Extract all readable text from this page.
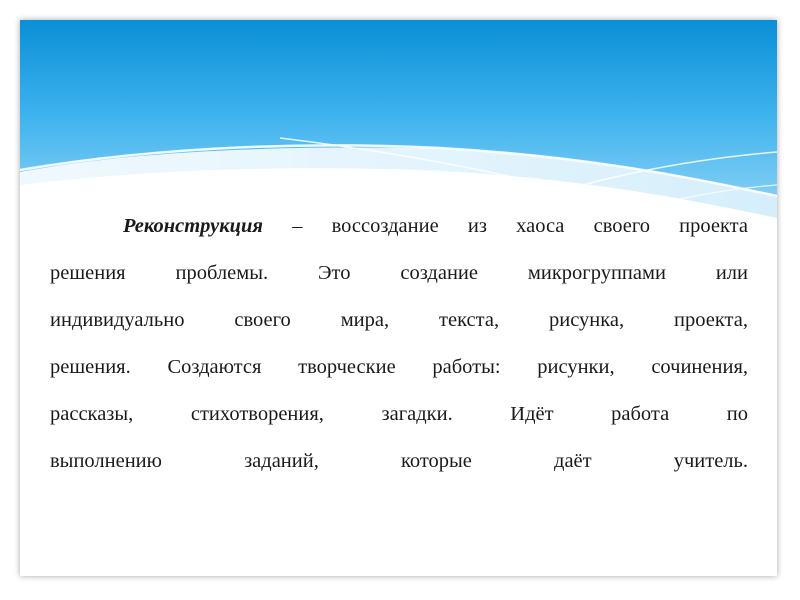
Реконструкция – воссоздание из хаоса своего проекта
решения проблемы. Это создание микрогруппами или
индивидуально своего мира, текста, рисунка, проекта,
решения. Создаются творческие работы: рисунки, сочинения,
рассказы, стихотворения, загадки. Идёт работа по
выполнению заданий, которые даёт учитель.
